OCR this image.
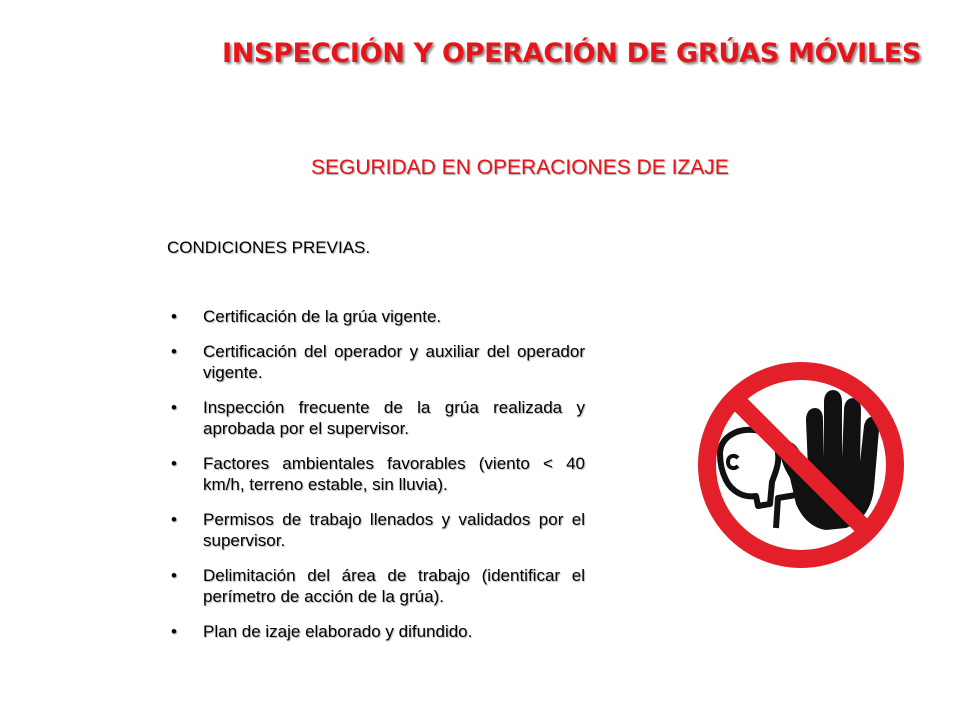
INSPECCIÓN Y OPERACIÓN DE GRÚAS MÓVILES
SEGURIDAD EN OPERACIONES DE IZAJE
CONDICIONES PREVIAS.
• Certificación de la grúa vigente.
• Certificación del operador y auxiliar del operador vigente.
• Inspección frecuente de la grúa realizada y aprobada por el supervisor.
• Factores ambientales favorables (viento < 40 km/h, terreno estable, sin lluvia).
• Permisos de trabajo llenados y validados por el supervisor.
• Delimitación del área de trabajo (identificar el perímetro de acción de la grúa).
• Plan de izaje elaborado y difundido.
